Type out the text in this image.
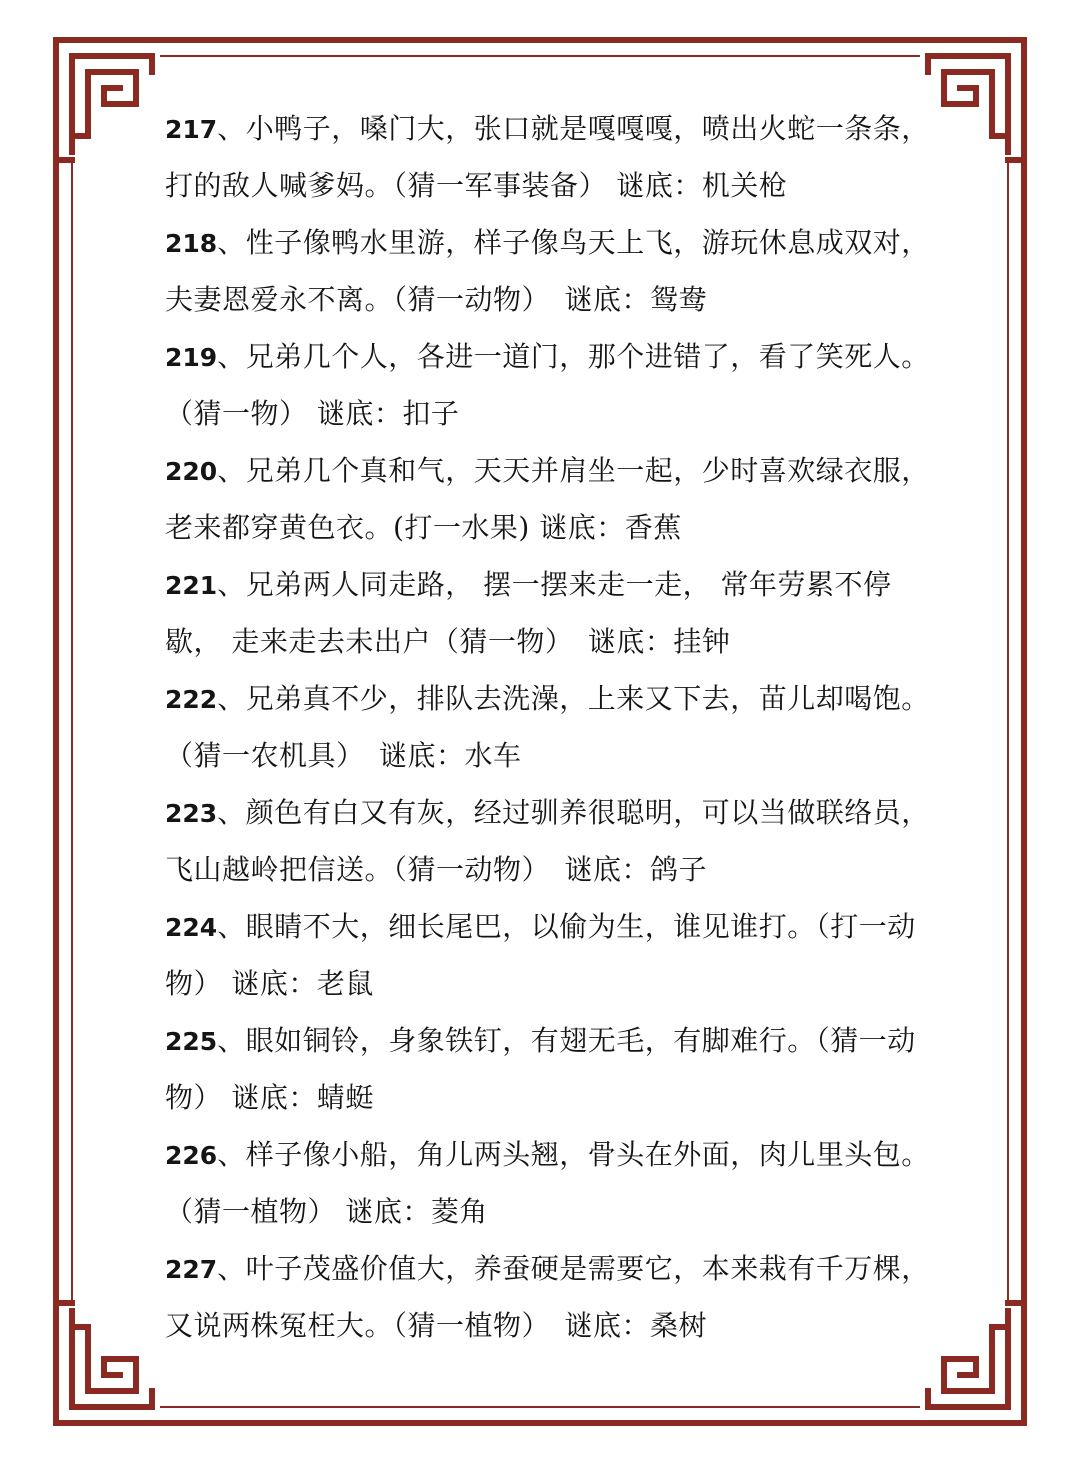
217、小鸭子，嗓门大，张口就是嘎嘎嘎，喷出火蛇一条条，
打的敌人喊爹妈。（猜一军事装备） 谜底：机关枪
218、性子像鸭水里游，样子像鸟天上飞，游玩休息成双对，
夫妻恩爱永不离。（猜一动物）　谜底：鸳鸯
219、兄弟几个人，各进一道门，那个进错了，看了笑死人。
（猜一物） 谜底：扣子
220、兄弟几个真和气，天天并肩坐一起，少时喜欢绿衣服，
老来都穿黄色衣。(打一水果) 谜底：香蕉
221、兄弟两人同走路， 摆一摆来走一走， 常年劳累不停
歇， 走来走去未出户（猜一物）　谜底：挂钟
222、兄弟真不少，排队去洗澡，上来又下去，苗儿却喝饱。
（猜一农机具）　谜底：水车
223、颜色有白又有灰，经过驯养很聪明，可以当做联络员，
飞山越岭把信送。（猜一动物）　谜底：鸽子
224、眼睛不大，细长尾巴，以偷为生，谁见谁打。（打一动
物） 谜底：老鼠
225、眼如铜铃，身象铁钉，有翅无毛，有脚难行。（猜一动
物） 谜底：蜻蜓
226、样子像小船，角儿两头翘，骨头在外面，肉儿里头包。
（猜一植物） 谜底：菱角
227、叶子茂盛价值大，养蚕硬是需要它，本来栽有千万棵，
又说两株冤枉大。（猜一植物）　谜底：桑树
